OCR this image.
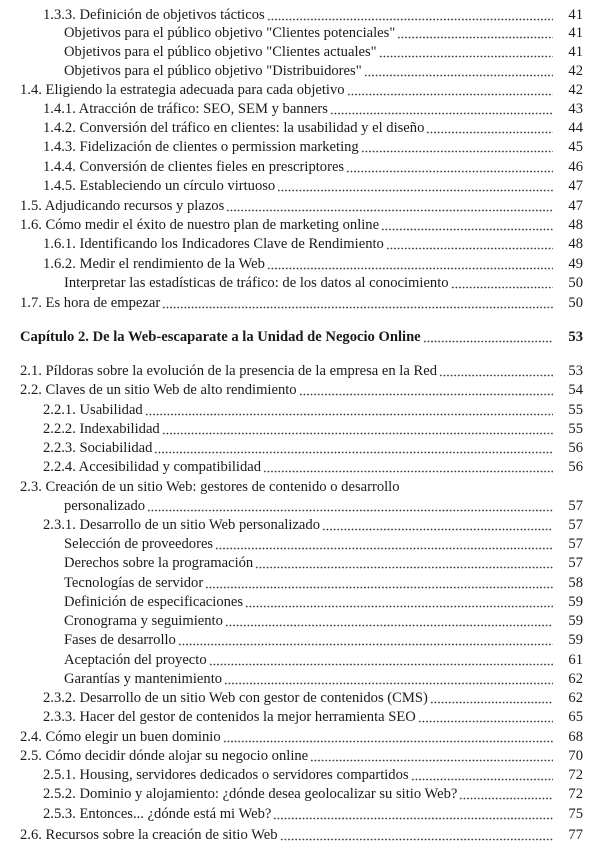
1.3.3. Definición de objetivos tácticos	41
Objetivos para el público objetivo "Clientes potenciales"	41
Objetivos para el público objetivo "Clientes actuales"	41
Objetivos para el público objetivo "Distribuidores"	42
1.4. Eligiendo la estrategia adecuada para cada objetivo	42
1.4.1. Atracción de tráfico: SEO, SEM y banners	43
1.4.2. Conversión del tráfico en clientes: la usabilidad y el diseño	44
1.4.3. Fidelización de clientes o permission marketing	45
1.4.4. Conversión de clientes fieles en prescriptores	46
1.4.5. Estableciendo un círculo virtuoso	47
1.5. Adjudicando recursos y plazos	47
1.6. Cómo medir el éxito de nuestro plan de marketing online	48
1.6.1. Identificando los Indicadores Clave de Rendimiento	48
1.6.2. Medir el rendimiento de la Web	49
Interpretar las estadísticas de tráfico: de los datos al conocimiento	50
1.7. Es hora de empezar	50
Capítulo 2. De la Web-escaparate a la Unidad de Negocio Online	53
2.1. Píldoras sobre la evolución de la presencia de la empresa en la Red	53
2.2. Claves de un sitio Web de alto rendimiento	54
2.2.1. Usabilidad	55
2.2.2. Indexabilidad	55
2.2.3. Sociabilidad	56
2.2.4. Accesibilidad y compatibilidad	56
2.3. Creación de un sitio Web: gestores de contenido o desarrollo
personalizado	57
2.3.1. Desarrollo de un sitio Web personalizado	57
Selección de proveedores	57
Derechos sobre la programación	57
Tecnologías de servidor	58
Definición de especificaciones	59
Cronograma y seguimiento	59
Fases de desarrollo	59
Aceptación del proyecto	61
Garantías y mantenimiento	62
2.3.2. Desarrollo de un sitio Web con gestor de contenidos (CMS)	62
2.3.3. Hacer del gestor de contenidos la mejor herramienta SEO	65
2.4. Cómo elegir un buen dominio	68
2.5. Cómo decidir dónde alojar su negocio online	70
2.5.1. Housing, servidores dedicados o servidores compartidos	72
2.5.2. Dominio y alojamiento: ¿dónde desea geolocalizar su sitio Web?	72
2.5.3. Entonces... ¿dónde está mi Web?	75
2.6. Recursos sobre la creación de sitio Web	77
